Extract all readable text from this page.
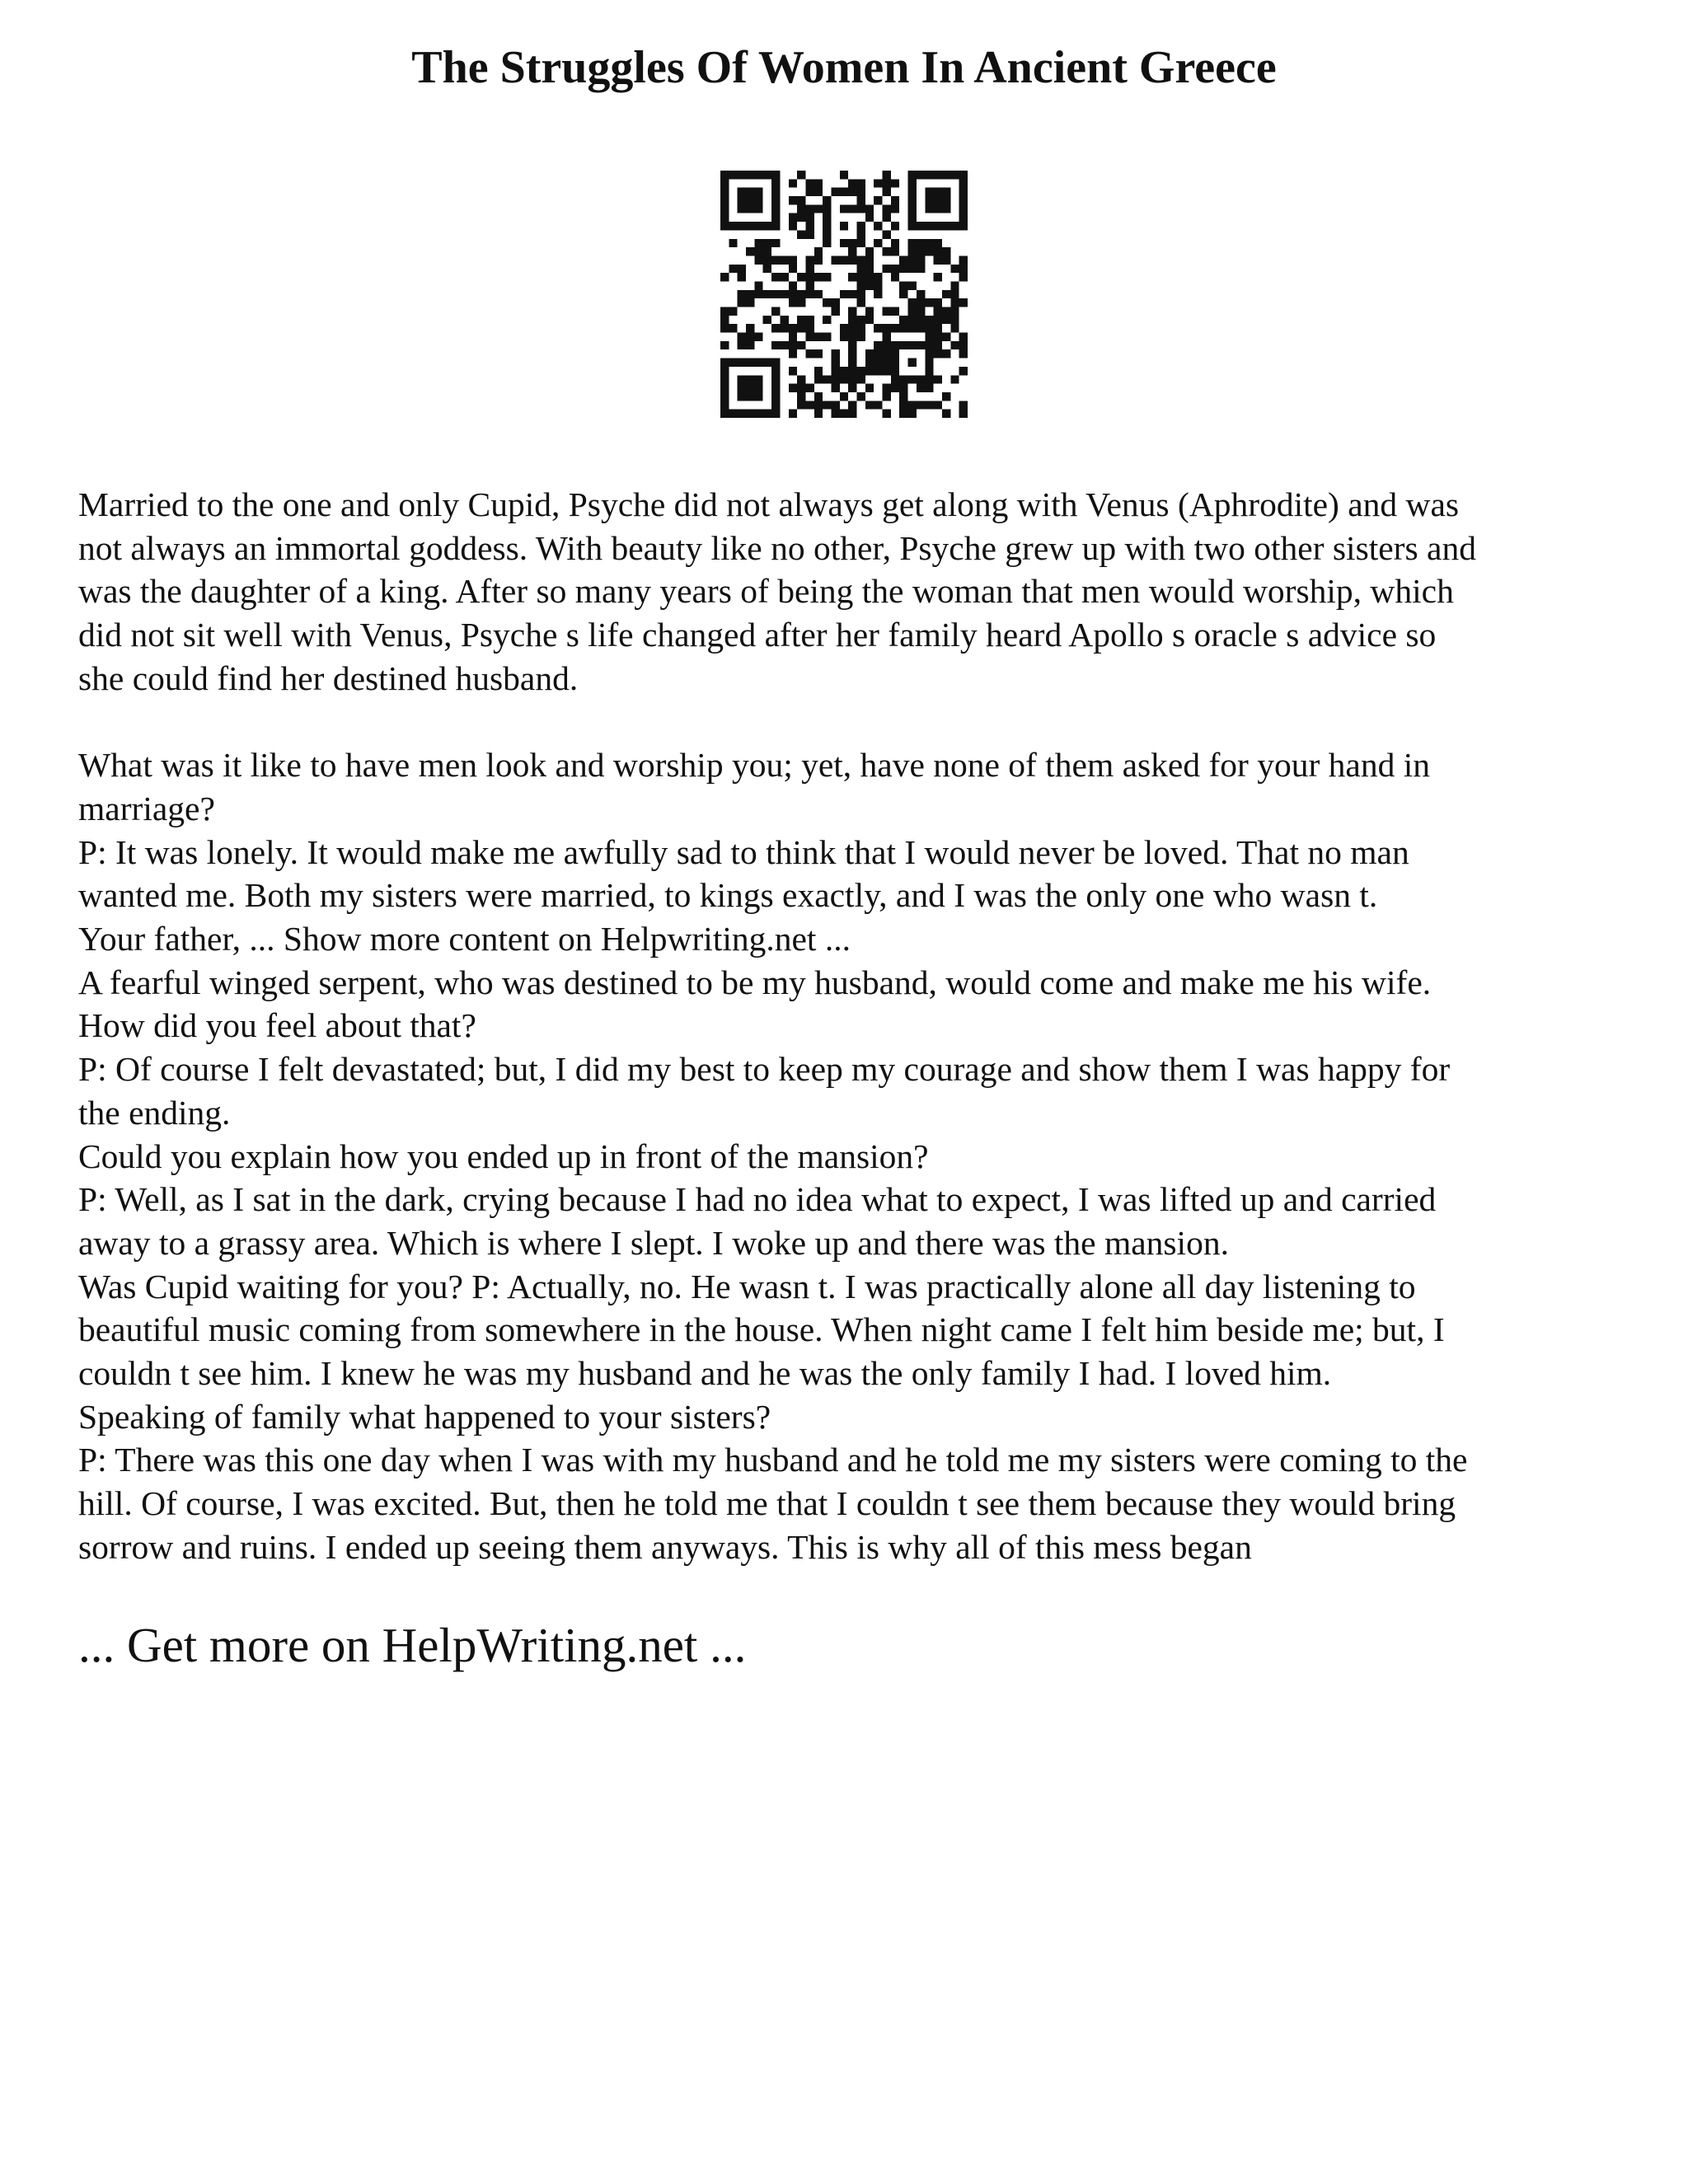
The Struggles Of Women In Ancient Greece

Married to the one and only Cupid, Psyche did not always get along with Venus (Aphrodite) and was

not always an immortal goddess. With beauty like no other, Psyche grew up with two other sisters and

was the daughter of a king. After so many years of being the woman that men would worship, which

did not sit well with Venus, Psyche s life changed after her family heard Apollo s oracle s advice so

she could find her destined husband.

What was it like to have men look and worship you; yet, have none of them asked for your hand in

marriage?

P: It was lonely. It would make me awfully sad to think that I would never be loved. That no man

wanted me. Both my sisters were married, to kings exactly, and I was the only one who wasn t.

Your father, ... Show more content on Helpwriting.net ...

A fearful winged serpent, who was destined to be my husband, would come and make me his wife.

How did you feel about that?

P: Of course I felt devastated; but, I did my best to keep my courage and show them I was happy for

the ending.

Could you explain how you ended up in front of the mansion?

P: Well, as I sat in the dark, crying because I had no idea what to expect, I was lifted up and carried

away to a grassy area. Which is where I slept. I woke up and there was the mansion.

Was Cupid waiting for you? P: Actually, no. He wasn t. I was practically alone all day listening to

beautiful music coming from somewhere in the house. When night came I felt him beside me; but, I

couldn t see him. I knew he was my husband and he was the only family I had. I loved him.

Speaking of family what happened to your sisters?

P: There was this one day when I was with my husband and he told me my sisters were coming to the

hill. Of course, I was excited. But, then he told me that I couldn t see them because they would bring

sorrow and ruins. I ended up seeing them anyways. This is why all of this mess began

... Get more on HelpWriting.net ...
